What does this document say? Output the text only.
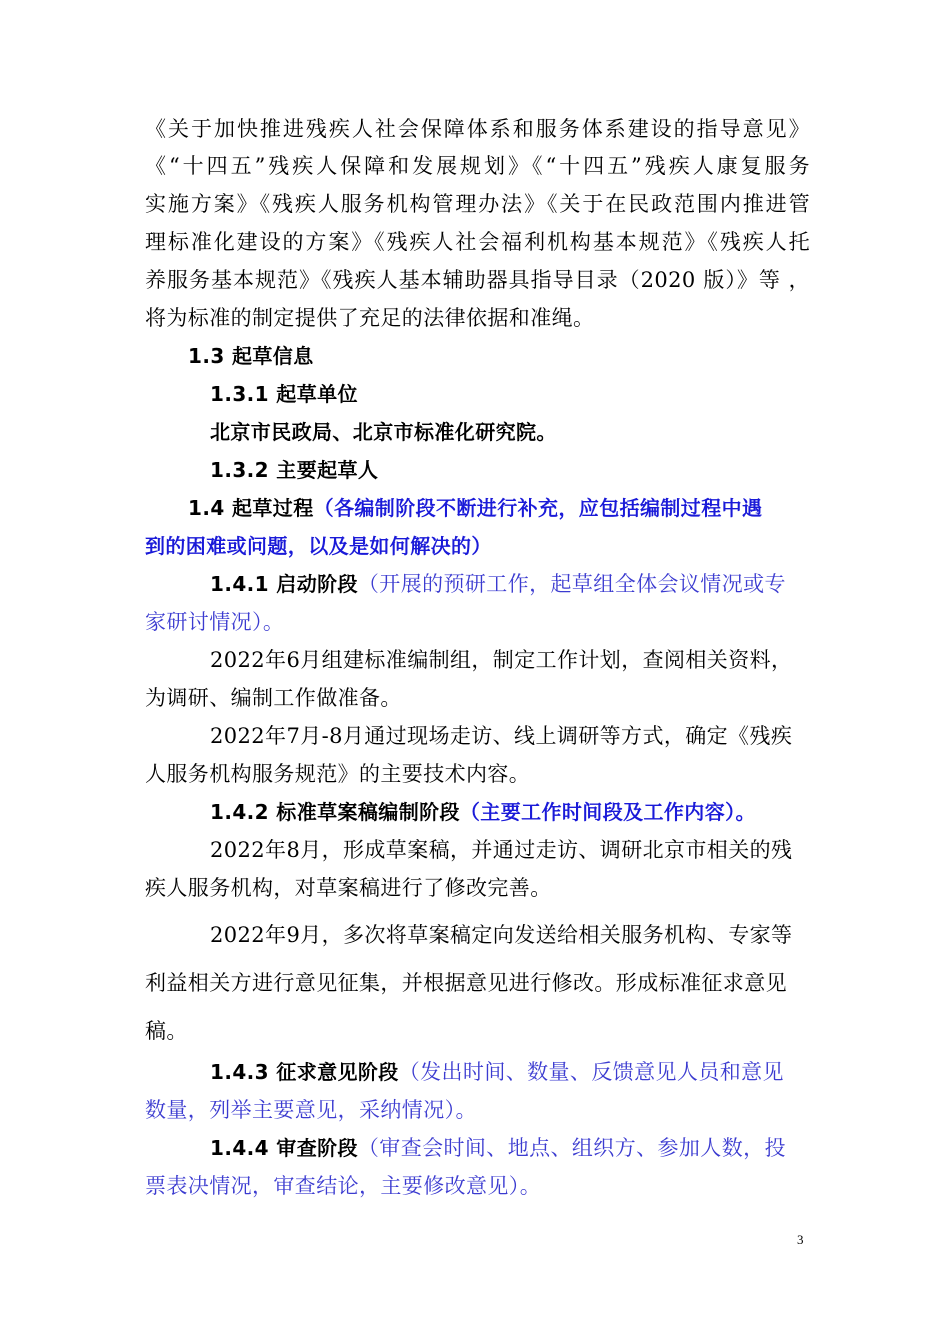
《关于加快推进残疾人社会保障体系和服务体系建设的指导意见》
《“十四五”残疾人保障和发展规划》《“十四五”残疾人康复服务
实施方案》《残疾人服务机构管理办法》《关于在民政范围内推进管
理标准化建设的方案》《残疾人社会福利机构基本规范》《残疾人托
养服务基本规范》《残疾人基本辅助器具指导目录（2020 版）》等 ，
将为标准的制定提供了充足的法律依据和准绳。
1.3 起草信息
1.3.1 起草单位
北京市民政局、北京市标准化研究院。
1.3.2 主要起草人
1.4 起草过程（各编制阶段不断进行补充，应包括编制过程中遇
到的困难或问题，以及是如何解决的）
1.4.1 启动阶段（开展的预研工作，起草组全体会议情况或专
家研讨情况）。
2022年6月组建标准编制组，制定工作计划，查阅相关资料，
为调研、编制工作做准备。
2022年7月-8月通过现场走访、线上调研等方式，确定《残疾
人服务机构服务规范》的主要技术内容。
1.4.2 标准草案稿编制阶段（主要工作时间段及工作内容）。
2022年8月，形成草案稿，并通过走访、调研北京市相关的残
疾人服务机构，对草案稿进行了修改完善。
2022年9月，多次将草案稿定向发送给相关服务机构、专家等
利益相关方进行意见征集，并根据意见进行修改。形成标准征求意见
稿。
1.4.3 征求意见阶段（发出时间、数量、反馈意见人员和意见
数量，列举主要意见，采纳情况）。
1.4.4 审查阶段（审查会时间、地点、组织方、参加人数，投
票表决情况，审查结论，主要修改意见）。
3
